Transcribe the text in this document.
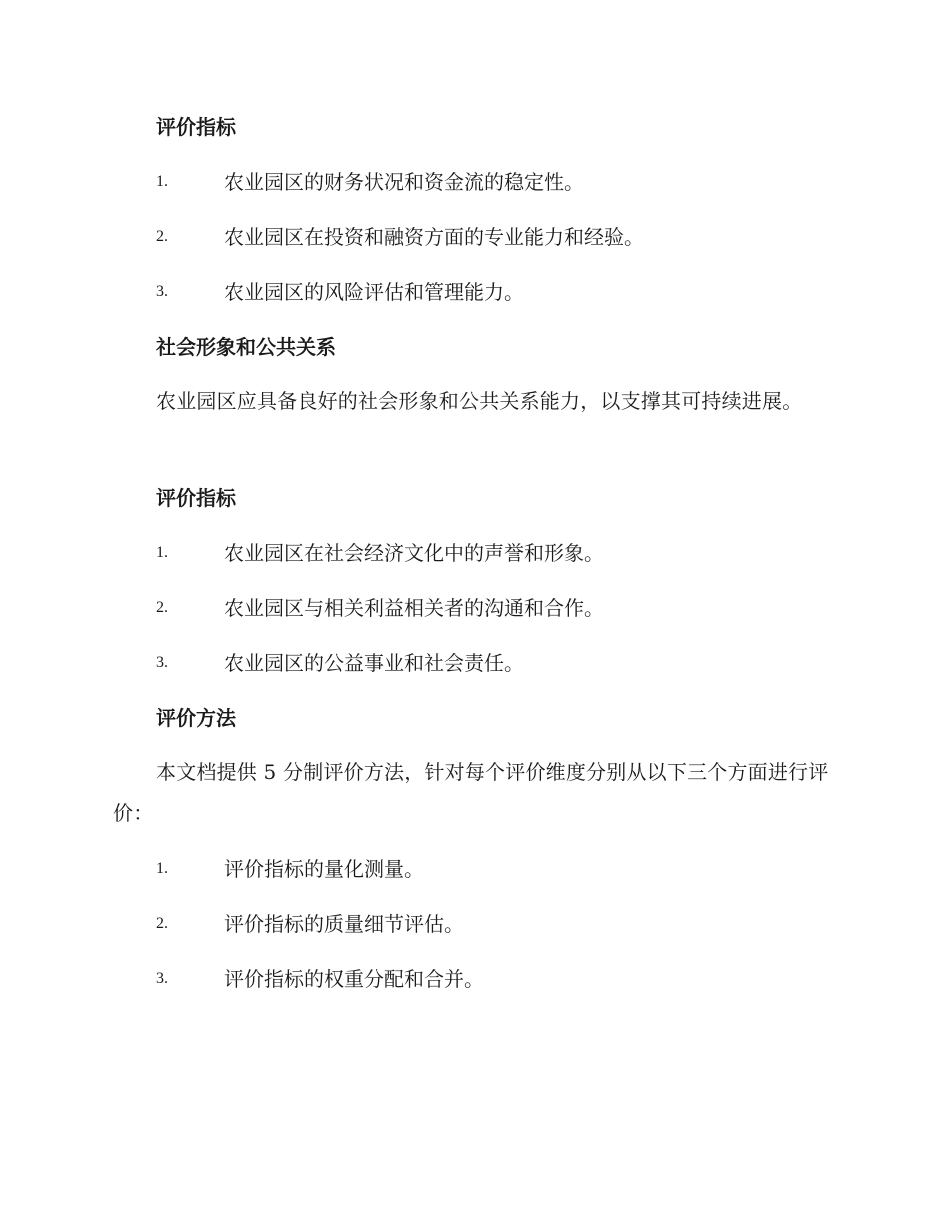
评价指标
1.	农业园区的财务状况和资金流的稳定性。
2.	农业园区在投资和融资方面的专业能力和经验。
3.	农业园区的风险评估和管理能力。
社会形象和公共关系
农业园区应具备良好的社会形象和公共关系能力，以支撑其可持续进展。
评价指标
1.	农业园区在社会经济文化中的声誉和形象。
2.	农业园区与相关利益相关者的沟通和合作。
3.	农业园区的公益事业和社会责任。
评价方法
本文档提供 5 分制评价方法，针对每个评价维度分别从以下三个方面进行评价：
1.	评价指标的量化测量。
2.	评价指标的质量细节评估。
3.	评价指标的权重分配和合并。
